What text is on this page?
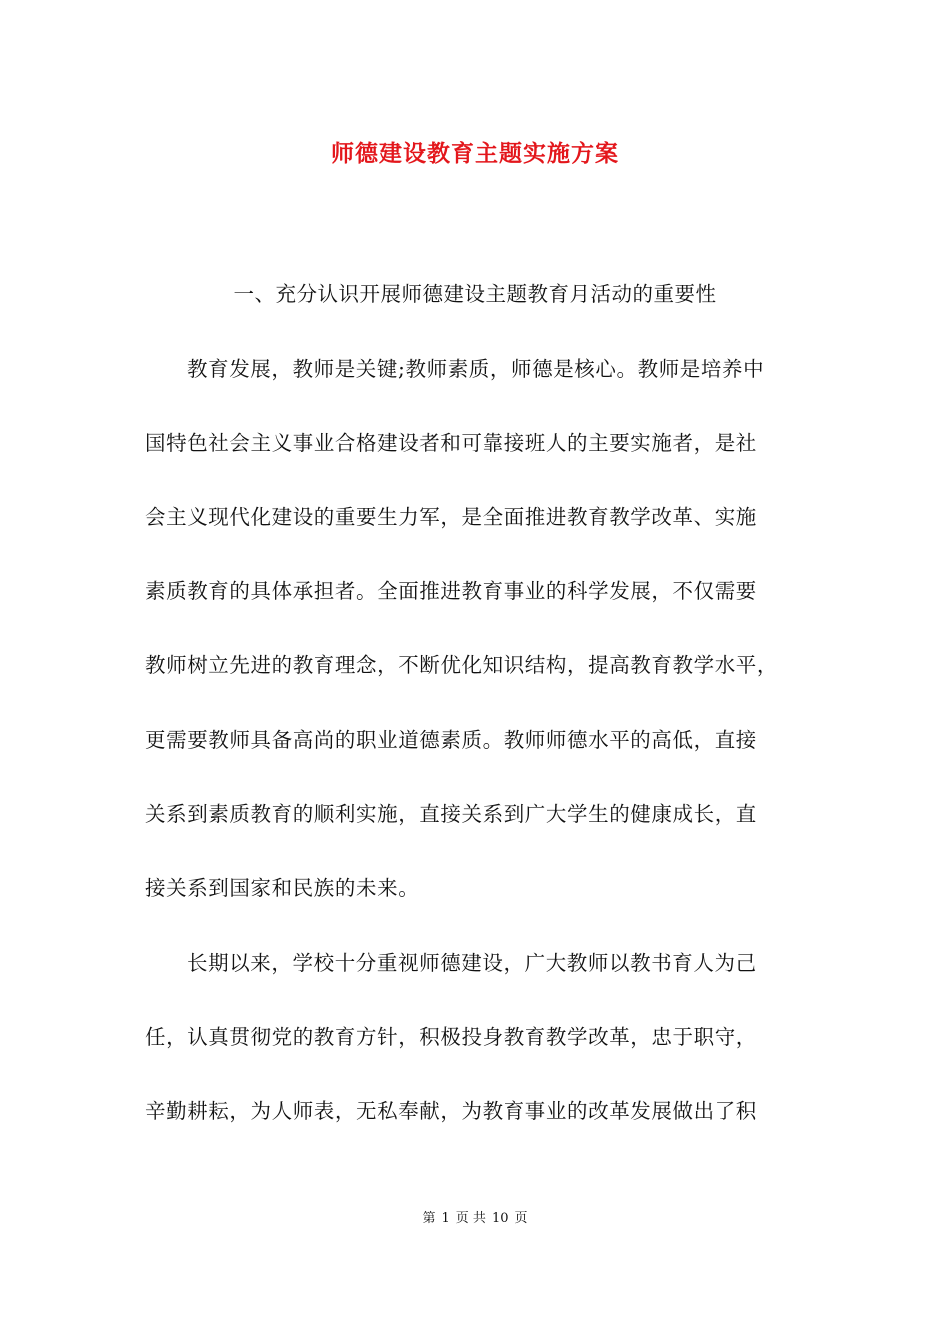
师德建设教育主题实施方案
一、充分认识开展师德建设主题教育月活动的重要性
教育发展，教师是关键;教师素质，师德是核心。教师是培养中
国特色社会主义事业合格建设者和可靠接班人的主要实施者，是社
会主义现代化建设的重要生力军，是全面推进教育教学改革、实施
素质教育的具体承担者。全面推进教育事业的科学发展，不仅需要
教师树立先进的教育理念，不断优化知识结构，提高教育教学水平，
更需要教师具备高尚的职业道德素质。教师师德水平的高低，直接
关系到素质教育的顺利实施，直接关系到广大学生的健康成长，直
接关系到国家和民族的未来。
长期以来，学校十分重视师德建设，广大教师以教书育人为己
任，认真贯彻党的教育方针，积极投身教育教学改革，忠于职守，
辛勤耕耘，为人师表，无私奉献，为教育事业的改革发展做出了积
第 1 页 共 10 页
